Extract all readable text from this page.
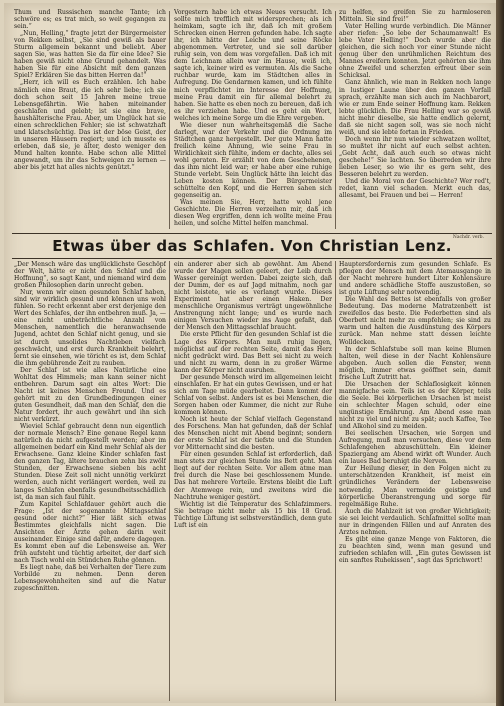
Thum und Russischen manche Tante; ich schwöre es; es trat mich, so weit gegangen zu sein.“

„Nun, Helling,“ fragte jetzt der Bürgermeister von Rekken selbst, „Sie sind gewiß als bauer Sturm allgemein bekannt und beliebt. Aber sagen Sie, was hatten Sie da für eine Idee? Sie haben gewiß nicht ohne Grund gehandelt. Was haben Sie für eine Absicht mit dem ganzen Spiel? Erklären Sie das bitten Herren da!“

„Herr, ich will es Euch erzählen. Ich habe nämlich eine Braut, die ich sehr liebe; ich sie doch schon seit 15 Jahren meine treue Lebensgefährtin. Wie haben miteinander geschlafen und gelebt; ist sie eine brave, haushälterische Frau. Aber, um Unglück hat sie einen schrecklichen Fehler; sie ist schwatzhaft und klatschsüchtig. Das ist der böse Geist, der in unseren Häusern regiert; und ich musste es erleben, daß sie, je älter, desto weniger den Mund halten konnte. Habe schon alle Mittel angewandt, um ihr das Schweigen zu lernen — aber bis jetzt hat alles nichts genützt.“

Vorgestern habe ich etwas Neues versucht. Ich sollte mich trefflich mit widersprechen; als ich heimkam, sagte ich ihr, daß ich mit großem Schrecken einen Herren gefunden habe. Ich sagte ihr, ich hätte der Leiche und seine Röcke abgenommen. Vertreter, und sie soll darüber ruhig sein, von dem was vorgefallen. Daß ich mit dem Leichnam allein war im Hause, weiß ich, sagte ich, keiner wird es vermuten. Als die Sache ruchbar wurde, kam im Städtchen alles in Aufregung. Die Gendarmen kamen, und ich fühlte mich verpflichtet im Interesse der Hoffnung, meine Frau damit ein für allemal belehrt zu haben. Sie hatte es eben noch zu bereuen, daß ich es ihr verziehen habe. Und es geht ein Wort, welches ich meine Sorge um die Ehre vergeben.

Wie dieser nun wahrheitsgemäß die Sache darlegt, war der Verkehr und die Ordnung im Städtchen ganz hergestellt. Der gute Mann hatte freilich keine Ahnung, wie seine Frau in Wirklichkeit sich fühlte, indem er dachte, alles sei wohl geraten. Er erzählt von dem Geschehenen, das ihm nicht leid war; er habe aber eine ruhige Stunde verlebt. Sein Unglück hätte ihn leicht das Leben kosten können. Der Bürgermeister schüttelte den Kopf, und die Herren sahen sich gegenseitig an.

Was meinen Sie, Herr, hatte wohl jene Geschichte. Die Herren verzeihen mir, daß ich diesen Weg ergriffen, denn ich wollte meine Frau heilen, und solche Mittel helfen manchmal.

zu helfen, so greifen Sie zu harmloseren Mitteln. Sie sind frei!“

Vater Helling wurde verbindlich. Die Männer aber riefen: „So lebe der Schaumanwalt! Es lebe Vater Helling!“ Doch wurde aber die gleichen, die sich noch vor einer Stunde nicht genug über den unrühmlichen Reichtum des Mannes ereifern konnten. Jetzt gehörten sie ihm ohne Zweifel und scherzten erfreut über sein Schicksal.

Ganz ähnlich, wie man in Rekken noch lange in lustiger Laune über den ganzen Vorfall sprach, erzählte man sich auch im Nachbarort, wie er zum Ende seiner Hoffnung kam. Rekken lebte glücklich. Die Frau Helling war so gewiß nicht mehr dieselbe, sie hatte endlich gelernt, daß sie nicht sagen soll, was sie noch nicht weiß, und sie lebte fortan in Frieden.

Doch wenn ihr nun wieder schwatzen wolltet, so mußtet ihr nicht auf euch selbst achten. „Gebt Acht, daß auch euch so etwas nicht geschehe!“ Sie lachten. So überreden wir ihre lieben Leser, so wie ihr es gern seht, des Besseren belehrt zu werden.

Und die Moral von der Geschichte? Wer red't, redet, kann viel schaden. Merkt euch das, allesamt, bei Frauen und bei — Herren!

Etwas über das Schlafen. Von Christian Lenz. Nachdr. verb.

„Der Mensch wäre das unglücklichste Geschöpf der Welt, hätte er nicht den Schlaf und die Hoffnung“, so sagt Kant, und niemand wird dem großen Philosophen darin unrecht geben.

Nur, wenn wir einen gesunden Schlaf haben, sind wir wirklich gesund und können uns wohl fühlen. So recht erkennt aber erst derjenige den Wert des Schlafes, der ihn entbehren muß. Ja, — eine nicht unbeträchtliche Anzahl von Menschen, namentlich die heranwachsende Jugend, achtet den Schlaf nicht genug, und sie ist durch unsolides Nachtleben vielfach geschwächt, und erst durch Krankheit belehrt, lernt sie einsehen, wie töricht es ist, dem Schlaf die ihm gebührende Zeit zu rauben.

Der Schlaf ist wie alles Natürliche eine Wohltat des Himmels; man kann seiner nicht entbehren. Darum sagt ein altes Wort: Die Nacht ist keines Menschen Freund. Und es gehört mit zu den Grundbedingungen einer guten Gesundheit, daß man den Schlaf, den die Natur fordert, ihr auch gewährt und ihn sich nicht verkürzt.

Wieviel Schlaf gebraucht denn nun eigentlich der normale Mensch? Eine genaue Regel kann natürlich da nicht aufgestellt werden; aber im allgemeinen bedarf ein Kind mehr Schlaf als der Erwachsene. Ganz kleine Kinder schlafen fast den ganzen Tag, ältere brauchen zehn bis zwölf Stunden, der Erwachsene sieben bis acht Stunden. Diese Zeit soll nicht unnötig verkürzt werden, auch nicht verlängert werden, weil zu langes Schlafen ebenfalls gesundheitsschädlich ist, da man sich faul fühlt.

Zum Kapitel Schlafdauer gehört auch die Frage: „Ist der sogenannte Mittagsschlaf gesund oder nicht?“ Hier läßt sich etwas Bestimmtes gleichfalls nicht sagen. Die Ansichten der Ärzte gehen darin weit auseinander. Einige sind dafür, andere dagegen. Es kommt eben auf die Lebensweise an. Wer früh aufsteht und tüchtig arbeitet, der darf sich nach Tisch wohl ein Stündchen Ruhe gönnen.

Es liegt nahe, daß bei Verhalten der Tiere zum Vorbilde zu nehmen. Denn deren Lebensgewohnheiten sind auf die Natur zugeschnitten.

ein anderer aber sich ab gewöhnt. Am Abend wurde der Magen sollen geleert, der Leib durch Wasser gereinigt werden. Dabei zeigte sich, daß der Dumm, der es auf Jagd mitnahm, noch gar nicht leistete, wie es verlangt wurde. Dieses Experiment hat aber einen Haken. Der menschliche Organismus verträgt ungewöhnliche Anstrengung nicht lange; und es wurde nach einigen Versuchen wieder ins Auge gefaßt, daß der Mensch den Mittagsschlaf braucht.

Die erste Pflicht für den gesunden Schlaf ist die Lage des Körpers. Man muß ruhig liegen, möglichst auf der rechten Seite, damit das Herz nicht gedrückt wird. Das Bett sei nicht zu weich und nicht zu warm, denn in zu großer Wärme kann der Körper nicht ausruhen.

Der gesunde Mensch wird im allgemeinen leicht einschlafen. Er hat ein gutes Gewissen, und er hat sich am Tage müde gearbeitet. Dann kommt der Schlaf von selbst. Anders ist es bei Menschen, die Sorgen haben oder Kummer, die nicht zur Ruhe kommen können.

Noch ist heute der Schlaf vielfach Gegenstand des Forschens. Man hat gefunden, daß der Schlaf des Menschen nicht mit Abend beginnt; sondern der erste Schlaf ist der tiefste und die Stunden vor Mitternacht sind die besten.

Für einen gesunden Schlaf ist erforderlich, daß man stets zur gleichen Stunde ins Bett geht. Man liegt auf der rechten Seite. Vor allem atme man frei durch die Nase bei geschlossenem Munde. Das hat mehrere Vorteile. Erstens bleibt die Luft der Atemwege rein, und zweitens wird die Nachtruhe weniger gestört.

Wichtig ist die Temperatur des Schlafzimmers. Sie betrage nicht mehr als 15 bis 18 Grad. Tüchtige Lüftung ist selbstverständlich, denn gute Luft ist ein

Hauptersfordernis zum gesunden Schlafe. Es pflegen der Mensch mit dem Atemausgange in der Nacht mehrere hundert Liter Kohlensäure und andere schädliche Stoffe auszustoßen, so ist gute Lüftung sehr notwendig.

Die Wahl des Bettes ist ebenfalls von großer Bedeutung. Das moderne Matratzenbett ist zweifellos das beste. Die Federbetten sind als Oberbett nicht mehr zu empfehlen; sie sind zu warm und halten die Ausdünstung des Körpers zurück. Man nehme statt dessen leichte Wolldecken.

In der Schlafstube soll man keine Blumen halten, weil diese in der Nacht Kohlensäure abgeben. Auch sollen die Fenster, wenn möglich, immer etwas geöffnet sein, damit frische Luft Zutritt hat.

Die Ursachen der Schlaflosigkeit können mannigfache sein. Teils ist es der Körper, teils die Seele. Bei körperlichen Ursachen ist meist ein schlechter Magen schuld, oder eine ungünstige Ernährung. Am Abend esse man nicht zu viel und nicht zu spät; auch Kaffee, Tee und Alkohol sind zu meiden.

Bei seelischen Ursachen, wie Sorgen und Aufregung, muß man versuchen, diese vor dem Schlafengehen abzuschütteln. Ein kleiner Spaziergang am Abend wirkt oft Wunder. Auch ein laues Bad beruhigt die Nerven.

Zur Heilung dieser, in den Folgen nicht zu unterschätzenden Krankheit, ist meist ein gründliches Verändern der Lebensweise notwendig. Man vermeide geistige und körperliche Überanstrengung und sorge für regelmäßige Ruhe.

Auch die Mahlzeit ist von großer Wichtigkeit; sie sei leicht verdaulich. Schlafmittel sollte man nur in dringenden Fällen und auf Anraten des Arztes nehmen.

Es gibt eine ganze Menge von Faktoren, die zu beachten sind, wenn man gesund und zufrieden schlafen will. „Ein gutes Gewissen ist ein sanftes Ruhekissen“, sagt das Sprichwort!
